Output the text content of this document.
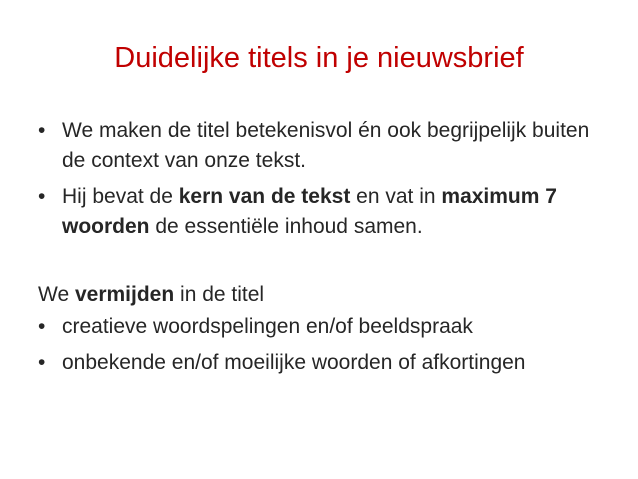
Duidelijke titels in je nieuwsbrief
• We maken de titel betekenisvol én ook begrijpelijk buiten de context van onze tekst.
• Hij bevat de kern van de tekst en vat in maximum 7 woorden de essentiële inhoud samen.

We vermijden in de titel

• creatieve woordspelingen en/of beeldspraak
• onbekende en/of moeilijke woorden of afkortingen
